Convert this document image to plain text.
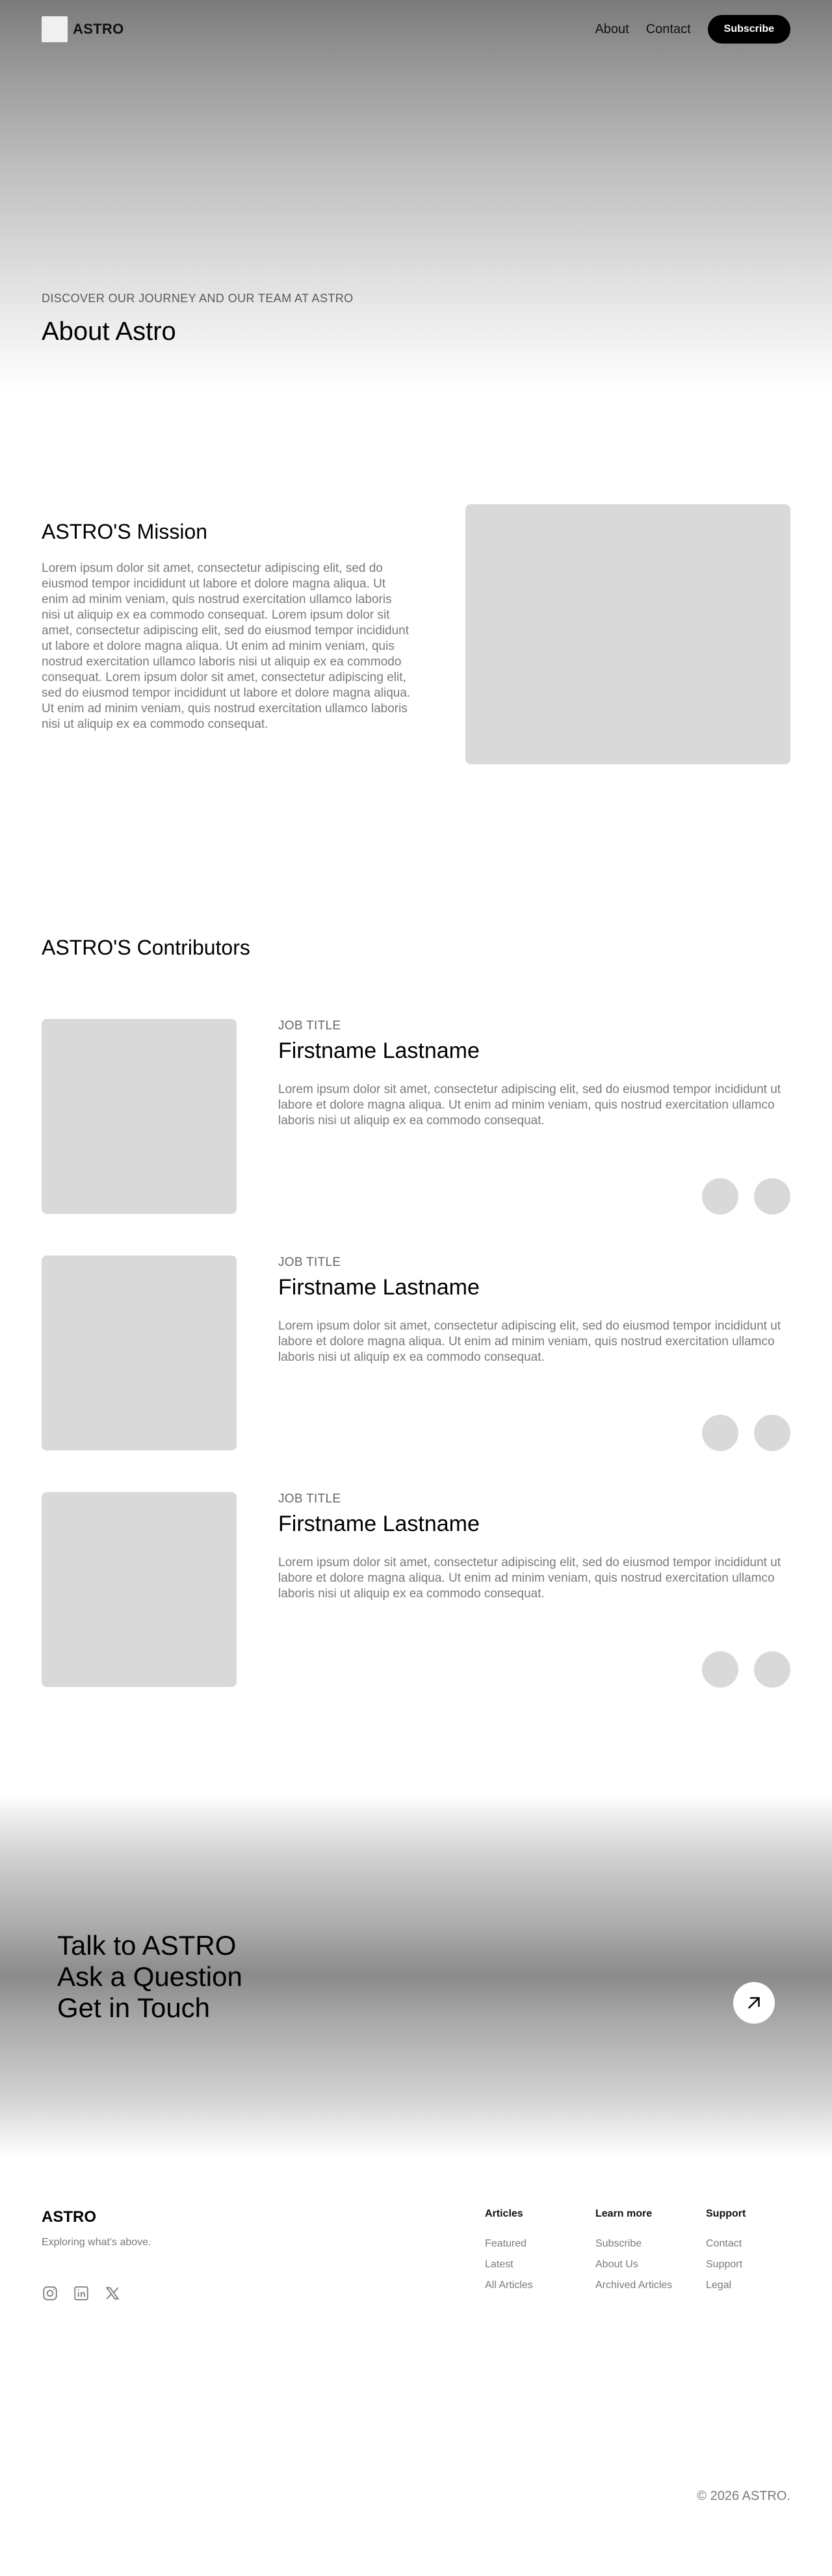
ASTRO	About Contact	Subscribe
DISCOVER OUR JOURNEY AND OUR TEAM AT ASTRO
About Astro
ASTRO'S Mission

Lorem ipsum dolor sit amet, consectetur adipiscing elit, sed do eiusmod tempor incididunt ut labore et dolore magna aliqua. Ut enim ad minim veniam, quis nostrud exercitation ullamco laboris nisi ut aliquip ex ea commodo consequat. Lorem ipsum dolor sit amet, consectetur adipiscing elit, sed do eiusmod tempor incididunt ut labore et dolore magna aliqua. Ut enim ad minim veniam, quis nostrud exercitation ullamco laboris nisi ut aliquip ex ea commodo consequat. Lorem ipsum dolor sit amet, consectetur adipiscing elit, sed do eiusmod tempor incididunt ut labore et dolore magna aliqua. Ut enim ad minim veniam, quis nostrud exercitation ullamco laboris nisi ut aliquip ex ea commodo consequat.

ASTRO'S Contributors
JOB TITLE
Firstname Lastname

Lorem ipsum dolor sit amet, consectetur adipiscing elit, sed do eiusmod tempor incididunt ut labore et dolore magna aliqua. Ut enim ad minim veniam, quis nostrud exercitation ullamco laboris nisi ut aliquip ex ea commodo consequat.

JOB TITLE
Firstname Lastname

Lorem ipsum dolor sit amet, consectetur adipiscing elit, sed do eiusmod tempor incididunt ut labore et dolore magna aliqua. Ut enim ad minim veniam, quis nostrud exercitation ullamco laboris nisi ut aliquip ex ea commodo consequat.

JOB TITLE
Firstname Lastname

Lorem ipsum dolor sit amet, consectetur adipiscing elit, sed do eiusmod tempor incididunt ut labore et dolore magna aliqua. Ut enim ad minim veniam, quis nostrud exercitation ullamco laboris nisi ut aliquip ex ea commodo consequat.

Talk to ASTRO
Ask a Question
Get in Touch
ASTRO
Exploring what's above.
Articles
Featured
Latest
All Articles
Learn more
Subscribe
About Us
Archived Articles
Support
Contact
Support
Legal
© 2026 ASTRO.
